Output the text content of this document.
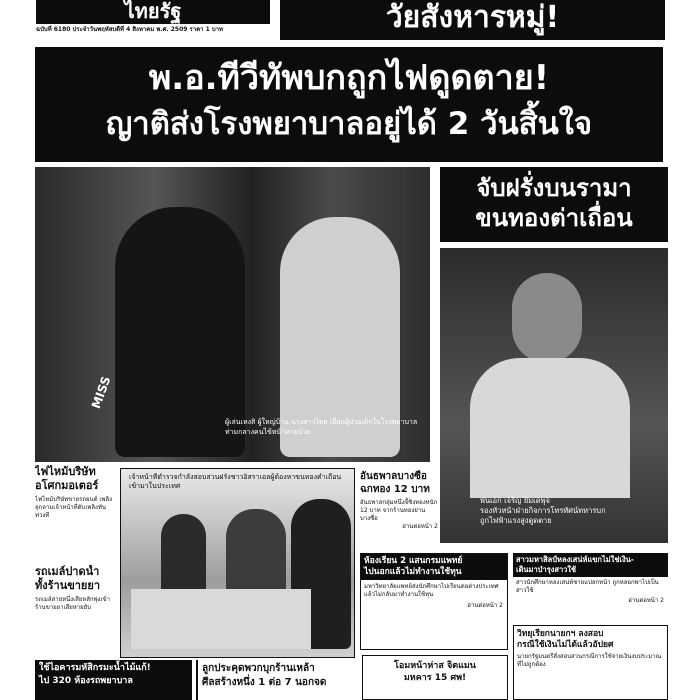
ไทยรัฐ
ฉบับที่ 6180 ประจำวันพฤหัสบดีที่ 4 สิงหาคม พ.ศ. 2509 ราคา 1 บาท	วัยสังหารหมู่!
พ.อ.ทีวีทัพบกถูกไฟดูดตาย!
ญาติส่งโรงพยาบาลอยู่ได้ 2 วันสิ้นใจ
MISS
ผู้เล่นเหงสิ ผู้ใหญ่บ้าน นางสาวไทย เยี่ยมผู้ป่วยเด็กในโรงพยาบาล ท่ามกลางคนไข้หน้าหายป่วย
จับฝรั่งบนรามา
ขนทองต่าเถื่อน
พันเอก เจริญ ยิมเดพุจ
รองหัวหน้าฝ่ายกิจการโทรทัศน์ทหารบก
ถูกไฟฟ้าแรงสูงดูดตาย
ไฟไหม้บริษัท
อโศกมอเตอร์
ไฟไหม้บริษัทขายรถยนต์ เพลิงลุกลามเจ้าหน้าที่ดับเพลิงทันท่วงที
รถเมล์ปาดน้ำ
ทั้งร้านขายยา
รถเมล์สายหนึ่งเสียหลักพุ่งเข้าร้านขายยาเสียหายยับ
เจ้าหน้าที่ตำรวจกำลังสอบสวนฝรั่งชาวอิสราเอลผู้ต้องหาขนทองคำเถื่อนเข้ามาในประเทศ
อันธพาลบางซื่อ
ฉกทอง 12 บาท
อันธพาลกลุ่มหนึ่งจี้ชิงทองหนัก 12 บาท จากร้านทองย่านบางซื่อ
อ่านต่อหน้า 2
ห้องเรียน 2 แสนกรมแพทย์
ไปนอกแล้วไม่ทำงานใช้ทุน
มหาวิทยาลัยแพทย์ส่งนักศึกษาไปเรียนต่อต่างประเทศแล้วไม่กลับมาทำงานใช้ทุน
อ่านต่อหน้า 2
สาวมหาสิลป์หลงเสน่ห์แขกไม่ใช่เงิน-
เดินมาบำรุงสาวใช้
สาวนักศึกษาหลงเสน่ห์ชายแปลกหน้า ถูกหลอกพาไปเป็นสาวใช้
อ่านต่อหน้า 2
วิทยุเรียกนายกฯ ลงสอบ
กรณีใช้เงินไม่ได้แล้วอัปยศ
นายกรัฐมนตรีสั่งสอบสวนกรณีการใช้จ่ายเงินงบประมาณที่ไม่ถูกต้อง
ใช้ไอคารมหัสิกรมะน้ำไม้แก้!
ไป 320 ห้องรถพยาบาล
ลูกประคุดพวกบุกร้านเหล้า
ศีลสร้างหนึ่ง 1 ต่อ 7 นอกจด
โอมหน้าห่าส จิตแมน
มหคาร 15 ศพ!
